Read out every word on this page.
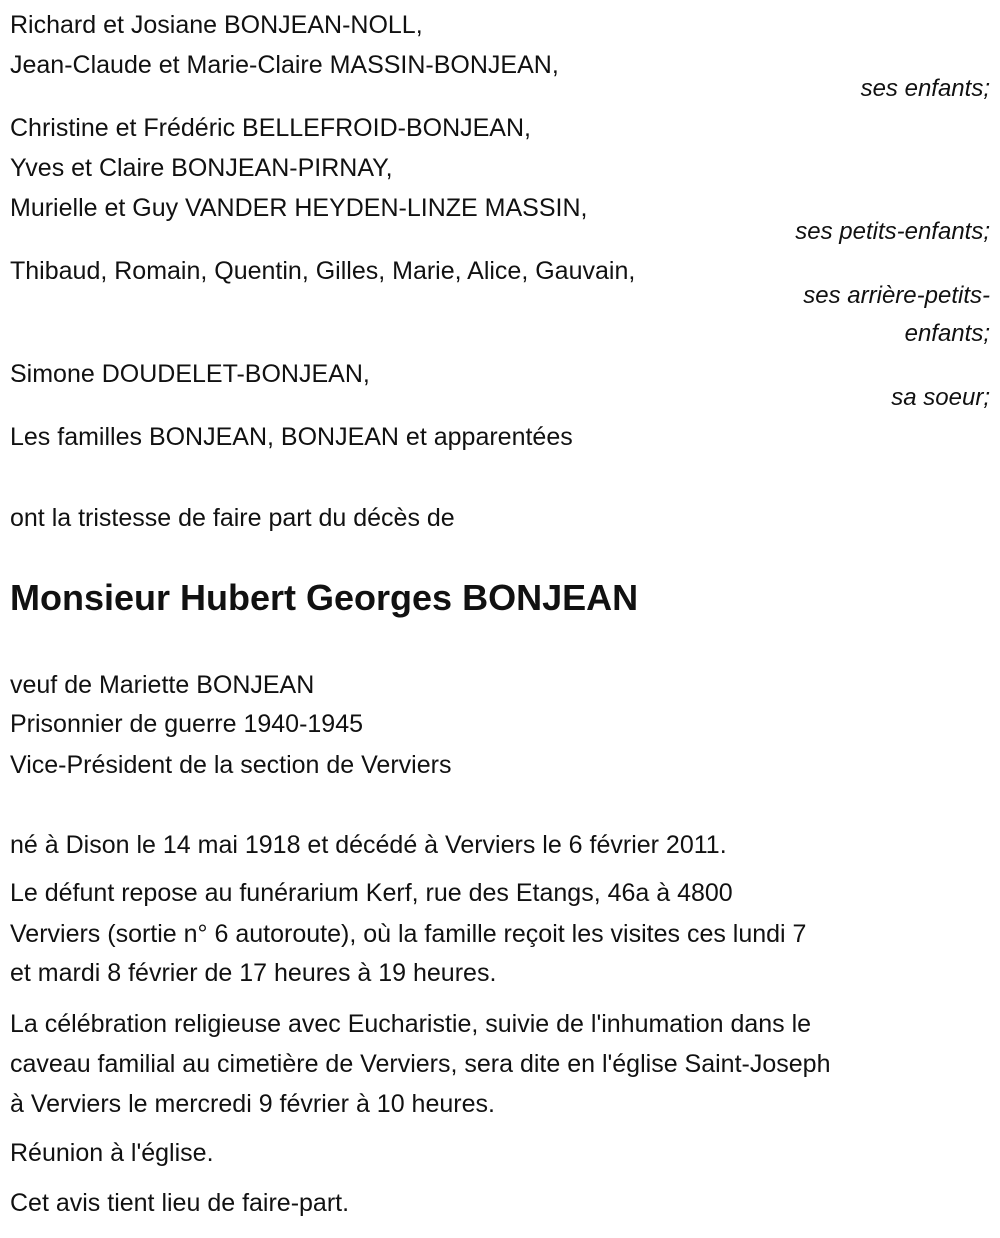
Richard et Josiane BONJEAN-NOLL,
Jean-Claude et Marie-Claire MASSIN-BONJEAN,
ses enfants;
Christine et Frédéric BELLEFROID-BONJEAN,
Yves et Claire BONJEAN-PIRNAY,
Murielle et Guy VANDER HEYDEN-LINZE MASSIN,
ses petits-enfants;
Thibaud, Romain, Quentin, Gilles, Marie, Alice, Gauvain,
ses arrière-petits-
enfants;
Simone DOUDELET-BONJEAN,
sa soeur;
Les familles BONJEAN, BONJEAN et apparentées
ont la tristesse de faire part du décès de
Monsieur Hubert Georges BONJEAN
veuf de Mariette BONJEAN
Prisonnier de guerre 1940-1945
Vice-Président de la section de Verviers
né à Dison le 14 mai 1918 et décédé à Verviers le 6 février 2011.
Le défunt repose au funérarium Kerf, rue des Etangs, 46a à 4800
Verviers (sortie n° 6 autoroute), où la famille reçoit les visites ces lundi 7
et mardi 8 février de 17 heures à 19 heures.
La célébration religieuse avec Eucharistie, suivie de l'inhumation dans le
caveau familial au cimetière de Verviers, sera dite en l'église Saint-Joseph
à Verviers le mercredi 9 février à 10 heures.
Réunion à l'église.
Cet avis tient lieu de faire-part.
